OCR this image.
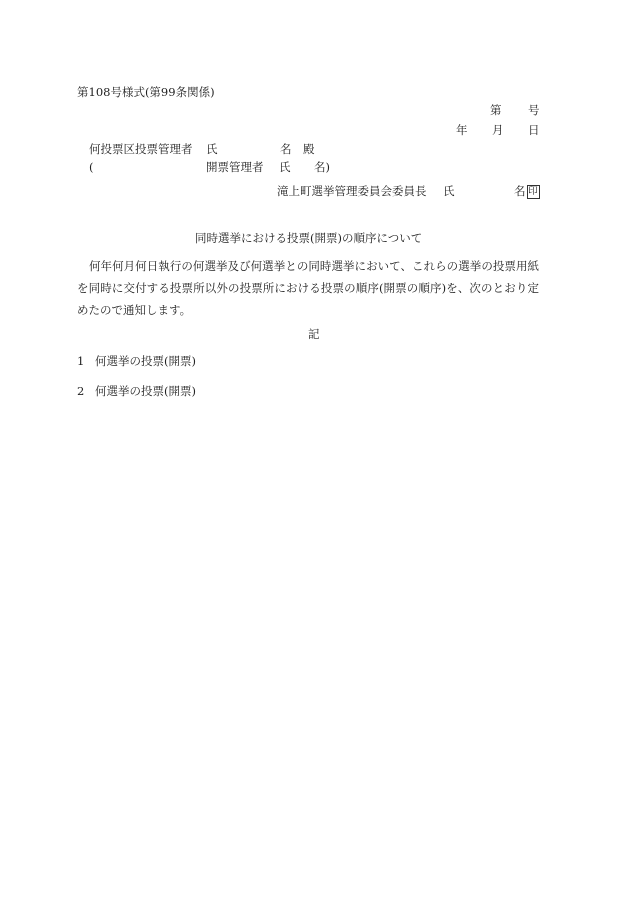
第108号様式(第99条関係)
第 号
年 月 日
何投票区投票管理者 氏	名 殿
(	開票管理者 氏 名)
滝上町選挙管理委員会委員長 氏	名 印
同時選挙における投票(開票)の順序について
何年何月何日執行の何選挙及び何選挙との同時選挙において、これらの選挙の投票用紙を同時に交付する投票所以外の投票所における投票の順序(開票の順序)を、次のとおり定めたので通知します。
記
1 何選挙の投票(開票)
2 何選挙の投票(開票)
